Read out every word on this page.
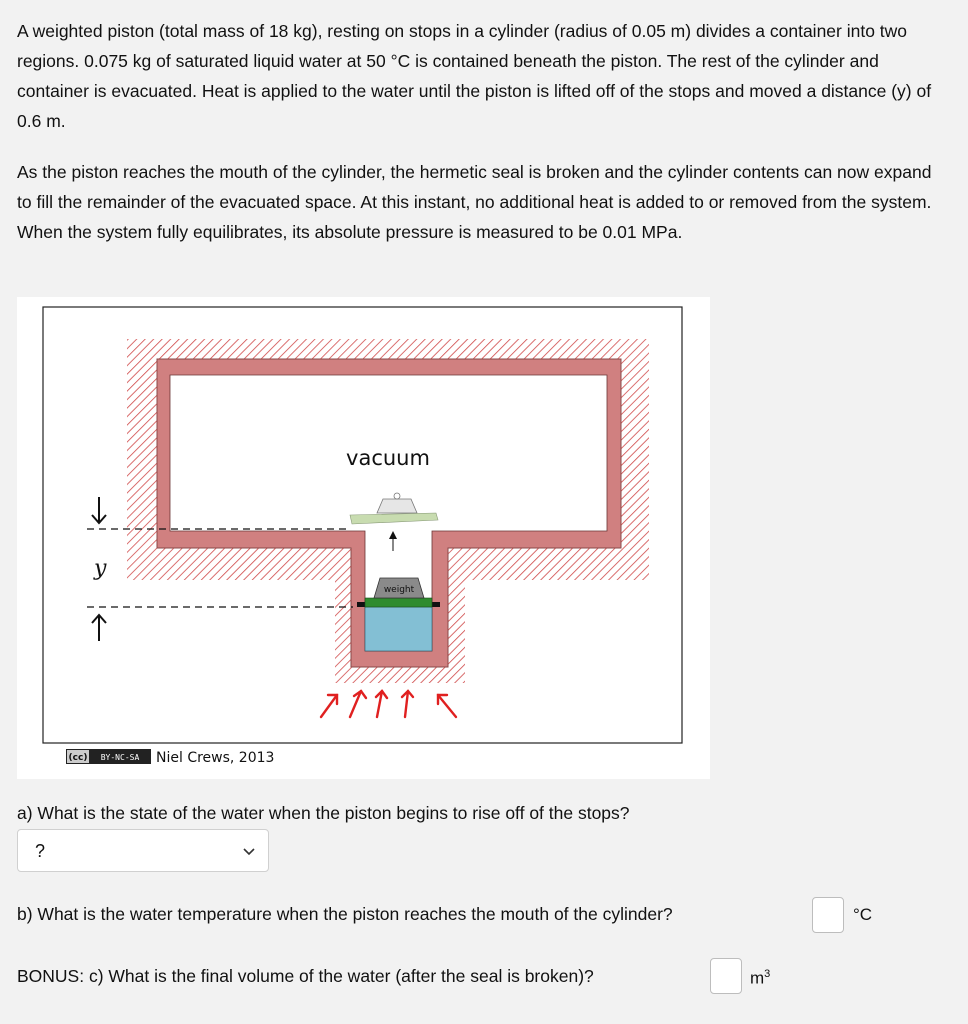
A weighted piston (total mass of 18 kg), resting on stops in a cylinder (radius of 0.05 m) divides a container into two regions. 0.075 kg of saturated liquid water at 50 °C is contained beneath the piston. The rest of the cylinder and container is evacuated. Heat is applied to the water until the piston is lifted off of the stops and moved a distance (y) of 0.6 m.

As the piston reaches the mouth of the cylinder, the hermetic seal is broken and the cylinder contents can now expand to fill the remainder of the evacuated space. At this instant, no additional heat is added to or removed from the system. When the system fully equilibrates, its absolute pressure is measured to be 0.01 MPa.

weight
vacuum
y
(cc) BY-NC-SA Niel Crews, 2013

a) What is the state of the water when the piston begins to rise off of the stops?

?

b) What is the water temperature when the piston reaches the mouth of the cylinder?	°C

BONUS: c) What is the final volume of the water (after the seal is broken)?	$m^3$
